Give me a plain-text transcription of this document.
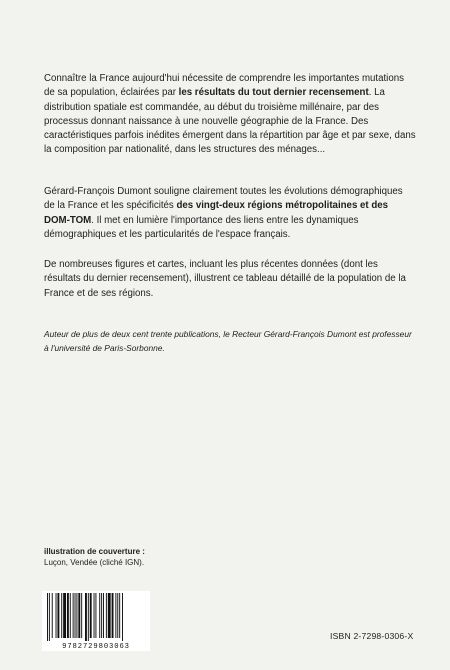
Connaître la France aujourd'hui nécessite de comprendre les importantes mutations de sa population, éclairées par les résultats du tout dernier recensement. La distribution spatiale est commandée, au début du troisième millénaire, par des processus donnant naissance à une nouvelle géographie de la France. Des caractéristiques parfois inédites émergent dans la répartition par âge et par sexe, dans la composition par nationalité, dans les structures des ménages...

Gérard-François Dumont souligne clairement toutes les évolutions démographiques de la France et les spécificités des vingt-deux régions métropolitaines et des DOM-TOM. Il met en lumière l'importance des liens entre les dynamiques démographiques et les particularités de l'espace français.

De nombreuses figures et cartes, incluant les plus récentes données (dont les résultats du dernier recensement), illustrent ce tableau détaillé de la population de la France et de ses régions.

Auteur de plus de deux cent trente publications, le Recteur Gérard-François Dumont est professeur à l'université de Paris-Sorbonne.

illustration de couverture :
Luçon, Vendée (cliché IGN).

9782729803063
ISBN 2-7298-0306-X
